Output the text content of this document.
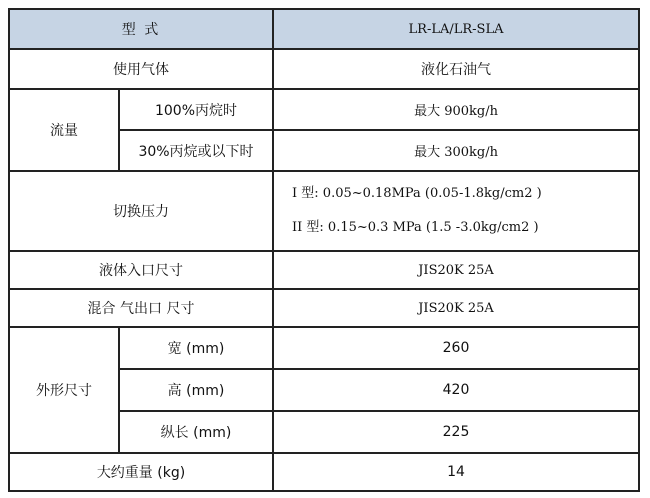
型 式		LR-LA/LR-SLA
使用气体		液化石油气
流量	100%丙烷时	最大 900kg/h
	30%丙烷或以下时	最大 300kg/h
切换压力		I 型: 0.05~0.18MPa (0.05-1.8kg/cm2 )
II 型: 0.15~0.3 MPa (1.5 -3.0kg/cm2 )

液体入口尺寸		JIS20K 25A
混合 气出口 尺寸		JIS20K 25A
外形尺寸	宽 (mm)	260
	高 (mm)	420
	纵长 (mm)	225
大约重量 (kg)		14
